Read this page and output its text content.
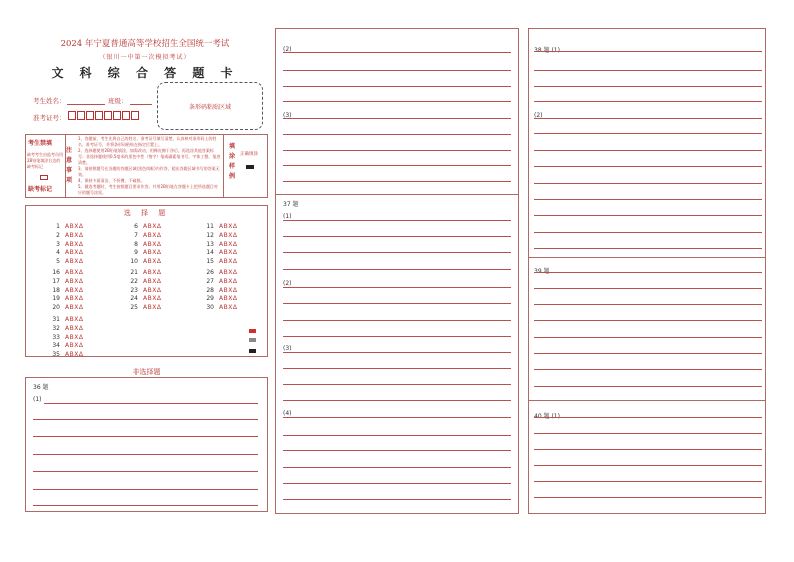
2024 年宁夏普通高等学校招生全国统一考试
（银川一中第一次模拟考试）
文 科 综 合 答 题 卡
考生姓名：	班级：
准考证号：
条形码粘贴区域
考生禁填
缺考考生由监考员用2B铅笔填涂右边的缺考标记
缺考标记
注意事项
1、答题前，考生先将自己的姓名、准考证号填写清楚，认真核对条形码上的姓名、准考证号，并将条形码粘贴在指定位置上。
2、选择题使用2B铅笔填涂，如需改动，用橡皮擦干净后，再选涂其他答案标号；非选择题使用0.5毫米的黑色中性（签字）笔或碳素笔书写，字体工整，笔迹清楚。
3、请按照题号在各题的答题区域(黑色线框)内作答，超出答题区域书写的答案无效。
4、保持卡面清洁，不折叠，不破损。
5、做选考题时，考生按照题目要求作答，并用2B铅笔在答题卡上把所选题目对应的题号涂黑。
填涂样例
正确填涂
选 择 题
1 ABXΔ
2 ABXΔ
3 ABXΔ
4 ABXΔ
5 ABXΔ
6 ABXΔ
7 ABXΔ
8 ABXΔ
9 ABXΔ
10 ABXΔ
11 ABXΔ
12 ABXΔ
13 ABXΔ
14 ABXΔ
15 ABXΔ
16 ABXΔ
17 ABXΔ
18 ABXΔ
19 ABXΔ
20 ABXΔ
21 ABXΔ
22 ABXΔ
23 ABXΔ
24 ABXΔ
25 ABXΔ
26 ABXΔ
27 ABXΔ
28 ABXΔ
29 ABXΔ
30 ABXΔ
31 ABXΔ
32 ABXΔ
33 ABXΔ
34 ABXΔ
35 ABXΔ
非选择题
36 题
(1)
(2)
(3)
37 题
(1)
(2)
(3)
(4)
38 题 (1)
(2)
39 题
40 题 (1)
